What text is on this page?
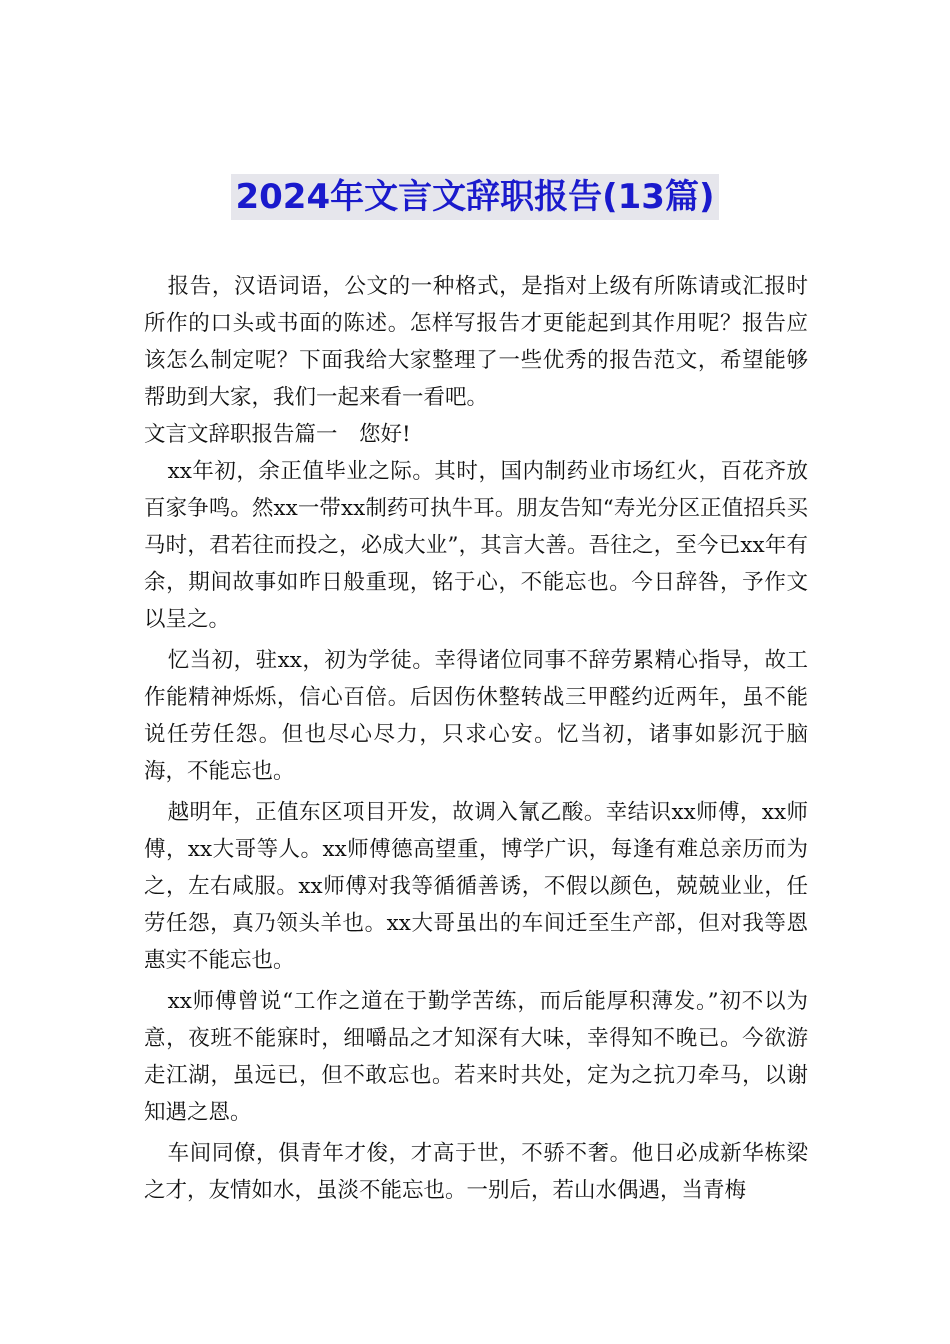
2024年文言文辞职报告(13篇)

报告，汉语词语，公文的一种格式，是指对上级有所陈请或汇报时所作的口头或书面的陈述。怎样写报告才更能起到其作用呢？报告应该怎么制定呢？下面我给大家整理了一些优秀的报告范文，希望能够帮助到大家，我们一起来看一看吧。

文言文辞职报告篇一　您好!

xx年初，余正值毕业之际。其时，国内制药业市场红火，百花齐放百家争鸣。然xx一带xx制药可执牛耳。朋友告知“寿光分区正值招兵买马时，君若往而投之，必成大业”，其言大善。吾往之，至今已xx年有余，期间故事如昨日般重现，铭于心，不能忘也。今日辞咎，予作文以呈之。

忆当初，驻xx，初为学徒。幸得诸位同事不辞劳累精心指导，故工作能精神烁烁，信心百倍。后因伤休整转战三甲醛约近两年，虽不能说任劳任怨。但也尽心尽力，只求心安。忆当初，诸事如影沉于脑海，不能忘也。

越明年，正值东区项目开发，故调入氰乙酸。幸结识xx师傅，xx师傅，xx大哥等人。xx师傅德高望重，博学广识，每逢有难总亲历而为之，左右咸服。xx师傅对我等循循善诱，不假以颜色，兢兢业业，任劳任怨，真乃领头羊也。xx大哥虽出的车间迁至生产部，但对我等恩惠实不能忘也。

xx师傅曾说“工作之道在于勤学苦练，而后能厚积薄发。”初不以为意，夜班不能寐时，细嚼品之才知深有大味，幸得知不晚已。今欲游走江湖，虽远已，但不敢忘也。若来时共处，定为之抗刀牵马，以谢知遇之恩。

车间同僚，俱青年才俊，才高于世，不骄不奢。他日必成新华栋梁之才，友情如水，虽淡不能忘也。一别后，若山水偶遇，当青梅
